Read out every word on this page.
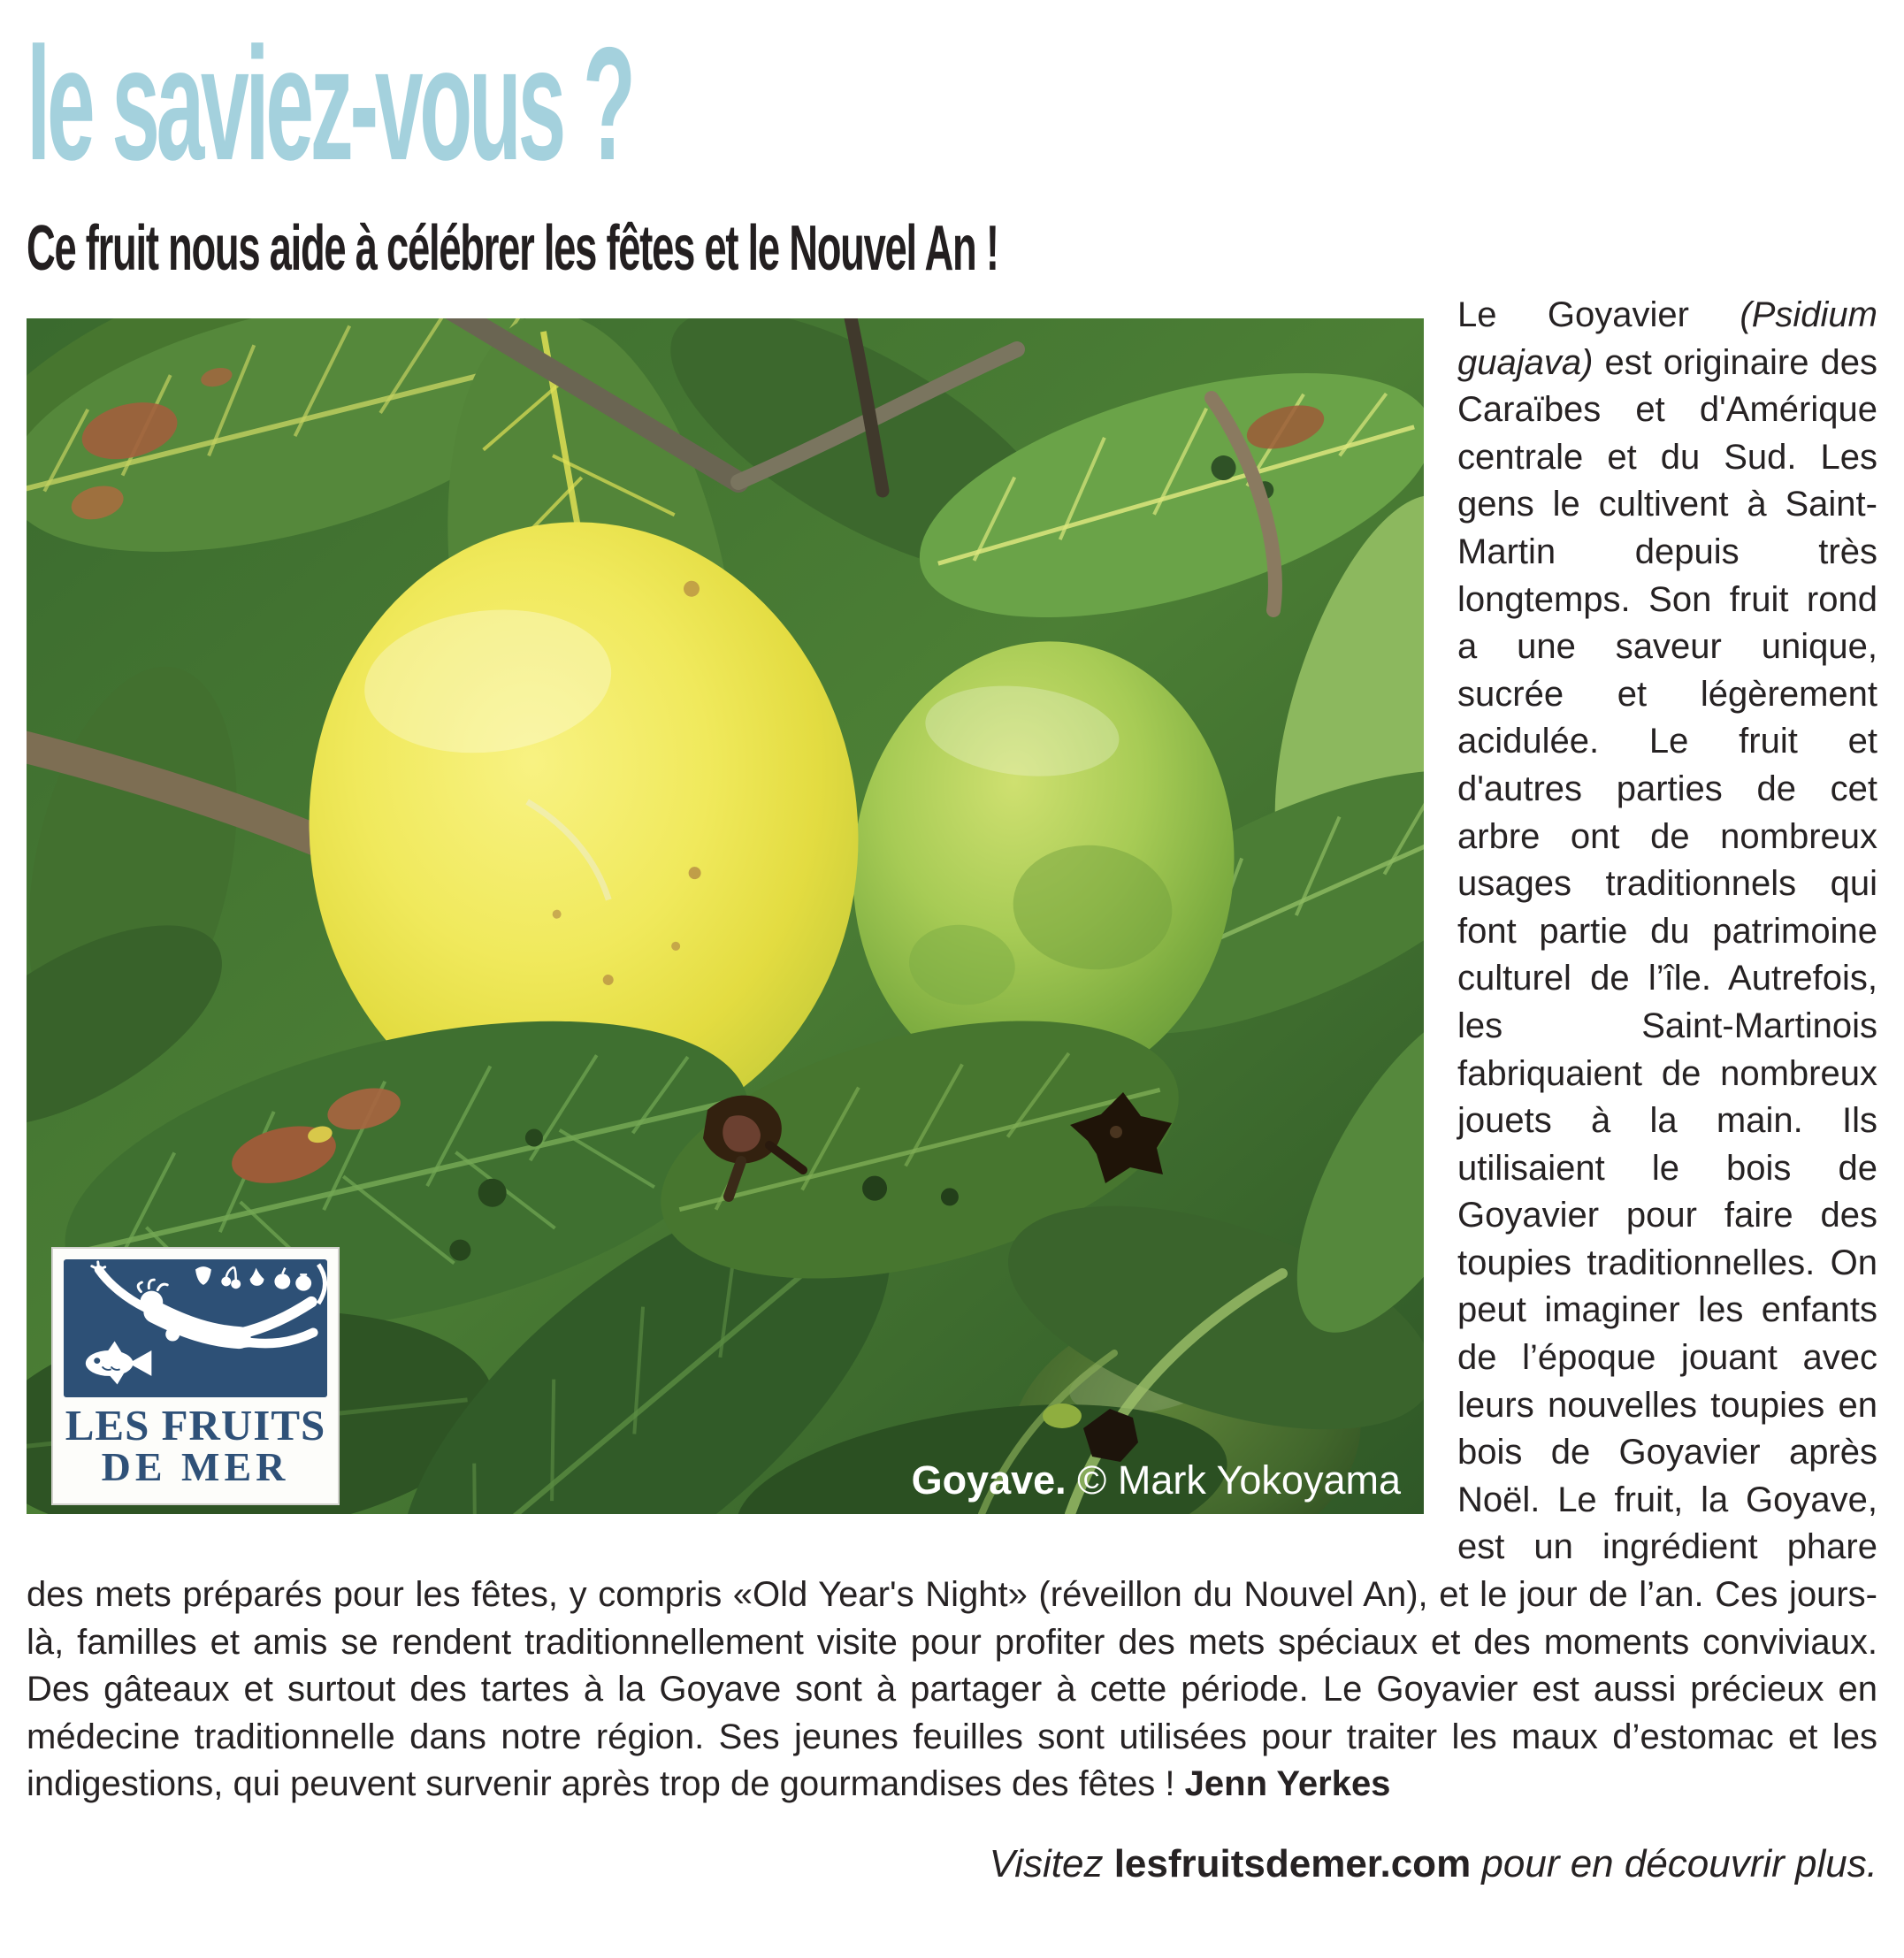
le saviez-vous ?
Ce fruit nous aide à célébrer les fêtes et le Nouvel An !
LES FRUITS
DE MER	Goyave. © Mark Yokoyama

Le Goyavier (Psidium guajava) est originaire des Caraïbes et d'Amérique centrale et du Sud. Les gens le cultivent à Saint-Martin depuis très longtemps. Son fruit rond a une saveur unique, sucrée et légèrement acidulée. Le fruit et d'autres parties de cet arbre ont de nombreux usages traditionnels qui font partie du patrimoine culturel de l’île. Autrefois, les Saint-Martinois fabriquaient de nombreux jouets à la main. Ils utilisaient le bois de Goyavier pour faire des toupies traditionnelles. On peut imaginer les enfants de l’époque jouant avec leurs nouvelles toupies en bois de Goyavier après Noël. Le fruit, la Goyave, est un ingrédient phare des mets préparés pour les fêtes, y compris «Old Year's Night» (réveillon du Nouvel An), et le jour de l’an. Ces jours-là, familles et amis se rendent traditionnellement visite pour profiter des mets spéciaux et des moments conviviaux. Des gâteaux et surtout des tartes à la Goyave sont à partager à cette période. Le Goyavier est aussi précieux en médecine traditionnelle dans notre région. Ses jeunes feuilles sont utilisées pour traiter les maux d’estomac et les indigestions, qui peuvent survenir après trop de gourmandises des fêtes ! Jenn Yerkes

Visitez lesfruitsdemer.com pour en découvrir plus.
